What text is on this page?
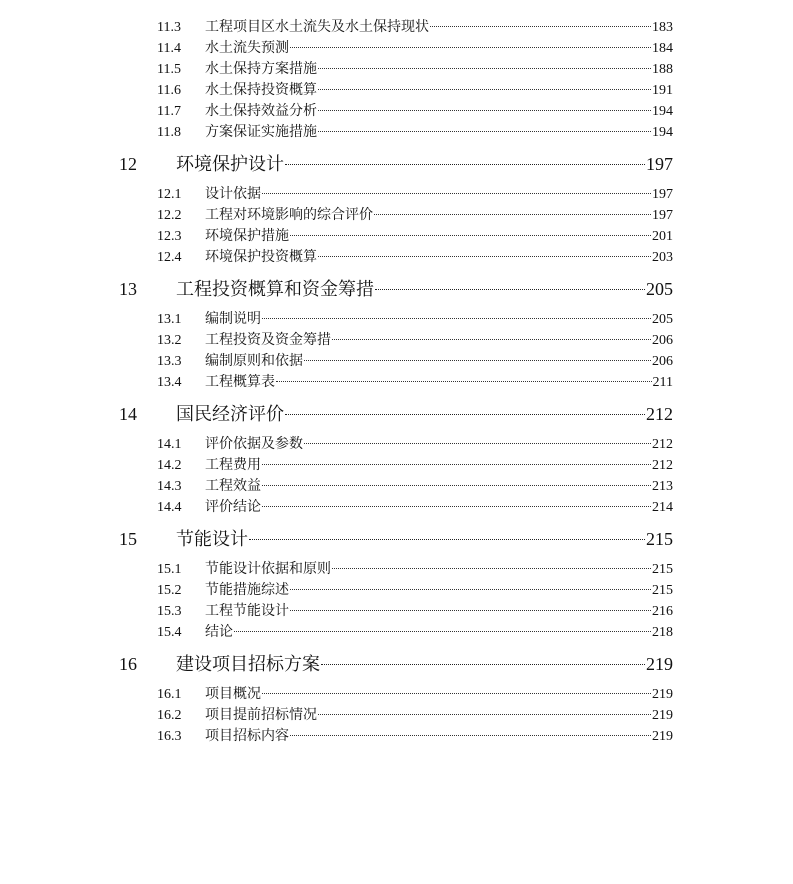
11.3	工程项目区水土流失及水土保持现状	183
11.4	水土流失预测	184
11.5	水土保持方案措施	188
11.6	水土保持投资概算	191
11.7	水土保持效益分析	194
11.8	方案保证实施措施	194
12	环境保护设计	197
12.1	设计依据	197
12.2	工程对环境影响的综合评价	197
12.3	环境保护措施	201
12.4	环境保护投资概算	203
13	工程投资概算和资金筹措	205
13.1	编制说明	205
13.2	工程投资及资金筹措	206
13.3	编制原则和依据	206
13.4	工程概算表	211
14	国民经济评价	212
14.1	评价依据及参数	212
14.2	工程费用	212
14.3	工程效益	213
14.4	评价结论	214
15	节能设计	215
15.1	节能设计依据和原则	215
15.2	节能措施综述	215
15.3	工程节能设计	216
15.4	结论	218
16	建设项目招标方案	219
16.1	项目概况	219
16.2	项目提前招标情况	219
16.3	项目招标内容	219
